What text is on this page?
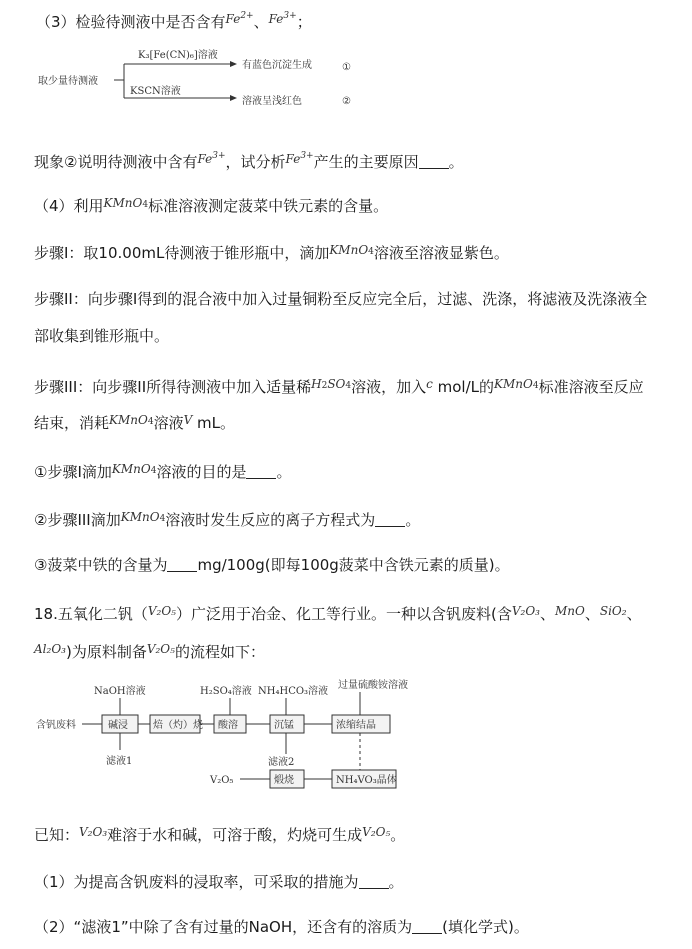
（3）检验待测液中是否含有$^{Fe^{2+}}$、$^{Fe^{3+}}$；
取少量待测液
K₃[Fe(CN)₆]溶液
KSCN溶液
有蓝色沉淀生成
溶液呈浅红色
①
②
现象②说明待测液中含有$^{Fe^{3+}}$，试分析$^{Fe^{3+}}$产生的主要原因 。
（4）利用$^{KMnO4}$标准溶液测定菠菜中铁元素的含量。
步骤I：取10.00mL待测液于锥形瓶中，滴加$^{KMnO4}$溶液至溶液显紫色。
步骤II：向步骤I得到的混合液中加入过量铜粉至反应完全后，过滤、洗涤，将滤液及洗涤液全
部收集到锥形瓶中。
步骤III：向步骤II所得待测液中加入适量稀$^{H2SO4}$溶液，加入$^c$ mol/L的$^{KMnO4}$标准溶液至反应
结束，消耗$^{KMnO4}$溶液$^V$ mL。
①步骤I滴加$^{KMnO4}$溶液的目的是 。
②步骤III滴加$^{KMnO4}$溶液时发生反应的离子方程式为 。
③菠菜中铁的含量为 mg/100g(即每100g菠菜中含铁元素的质量)。
18.五氧化二钒（$^{V_2O_5}$）广泛用于冶金、化工等行业。一种以含钒废料(含$^{V_2O_3}$、$^{MnO}$、$^{SiO_2}$、
$^{Al_2O_3}$)为原料制备$^{V_2O_5}$的流程如下：
NaOH溶液	H₂SO₄溶液 NH₄HCO₃溶液
过量硫酸铵溶液
含钒废料	碱浸	焙（灼）烧 酸溶	沉锰	浓缩结晶
滤液1	滤液2
NH₄VO₃晶体
煅烧
V₂O₅
已知：$^{V_2O_3}$难溶于水和碱，可溶于酸，灼烧可生成$^{V_2O_5}$。
（1）为提高含钒废料的浸取率，可采取的措施为 。
（2）“滤液1”中除了含有过量的NaOH，还含有的溶质为 (填化学式)。
